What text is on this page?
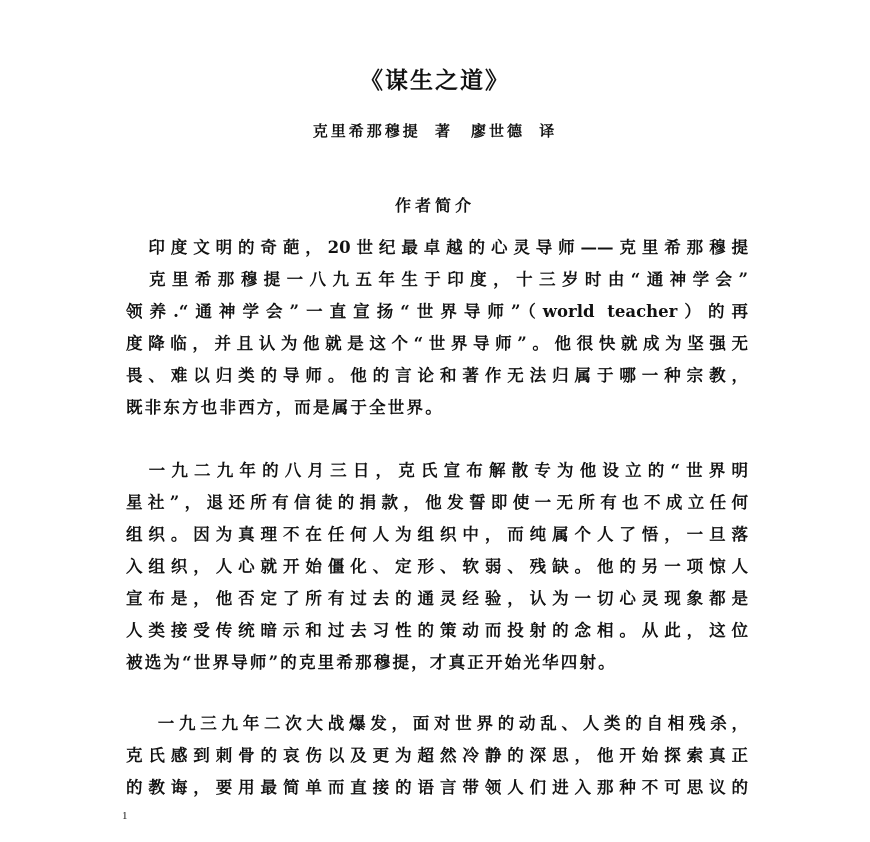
《谋生之道》
克里希那穆提 著　廖世德 译
作者简介
　印度文明的奇葩，20世纪最卓越的心灵导师——克里希那穆提
　克里希那穆提一八九五年生于印度，十三岁时由“通神学会”
领养.“通神学会”一直宣扬“世界导师”（world teacher）的再
度降临，并且认为他就是这个“世界导师”。他很快就成为坚强无
畏、难以归类的导师。他的言论和著作无法归属于哪一种宗教，
既非东方也非西方，而是属于全世界。
　一九二九年的八月三日，克氏宣布解散专为他设立的“世界明
星社”，退还所有信徒的捐款，他发誓即使一无所有也不成立任何
组织。因为真理不在任何人为组织中，而纯属个人了悟，一旦落
入组织，人心就开始僵化、定形、软弱、残缺。他的另一项惊人
宣布是，他否定了所有过去的通灵经验，认为一切心灵现象都是
人类接受传统暗示和过去习性的策动而投射的念相。从此，这位
被选为“世界导师”的克里希那穆提，才真正开始光华四射。
　 一九三九年二次大战爆发，面对世界的动乱、人类的自相残杀，
克氏感到刺骨的哀伤以及更为超然冷静的深思，他开始探索真正
的教诲，要用最简单而直接的语言带领人们进入那种不可思议的
1
